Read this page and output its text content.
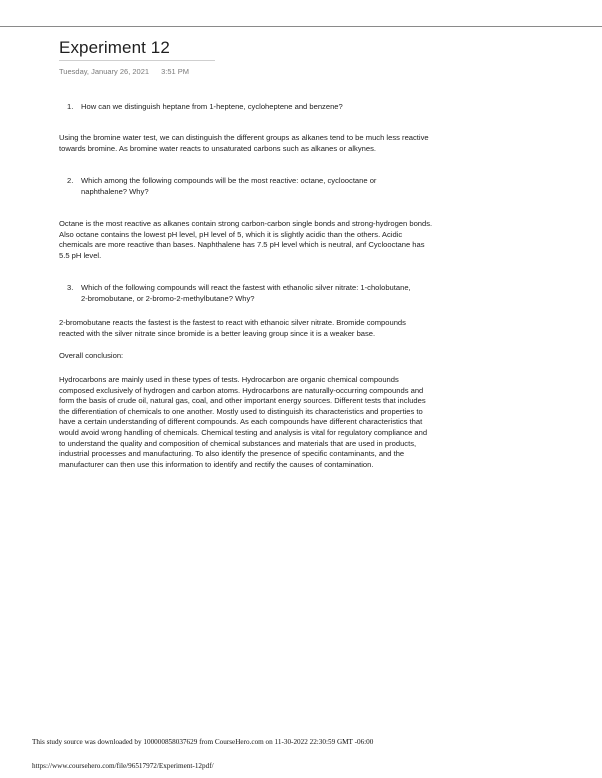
Experiment 12
Tuesday, January 26, 2021 3:51 PM
1. How can we distinguish heptane from 1-heptene, cycloheptene and benzene?

Using the bromine water test, we can distinguish the different groups as alkanes tend to be much less reactive towards bromine. As bromine water reacts to unsaturated carbons such as alkanes or alkynes.

2. Which among the following compounds will be the most reactive: octane, cyclooctane or naphthalene? Why?

Octane is the most reactive as alkanes contain strong carbon-carbon single bonds and strong-hydrogen bonds. Also octane contains the lowest pH level, pH level of 5, which it is slightly acidic than the others. Acidic chemicals are more reactive than bases. Naphthalene has 7.5 pH level which is neutral, anf Cyclooctane has 5.5 pH level.

3. Which of the following compounds will react the fastest with ethanolic silver nitrate: 1-cholobutane, 2-bromobutane, or 2-bromo-2-methylbutane? Why?

2-bromobutane reacts the fastest is the fastest to react with ethanoic silver nitrate. Bromide compounds reacted with the silver nitrate since bromide is a better leaving group since it is a weaker base.

Overall conclusion:

Hydrocarbons are mainly used in these types of tests. Hydrocarbon are organic chemical compounds composed exclusively of hydrogen and carbon atoms. Hydrocarbons are naturally-occurring compounds and form the basis of crude oil, natural gas, coal, and other important energy sources. Different tests that includes the differentiation of chemicals to one another. Mostly used to distinguish its characteristics and properties to have a certain understanding of different compounds. As each compounds have different characteristics that would avoid wrong handling of chemicals. Chemical testing and analysis is vital for regulatory compliance and to understand the quality and composition of chemical substances and materials that are used in products, industrial processes and manufacturing. To also identify the presence of specific contaminants, and the manufacturer can then use this information to identify and rectify the causes of contamination.

This study source was downloaded by 100000858037629 from CourseHero.com on 11-30-2022 22:30:59 GMT -06:00
https://www.coursehero.com/file/96517972/Experiment-12pdf/
